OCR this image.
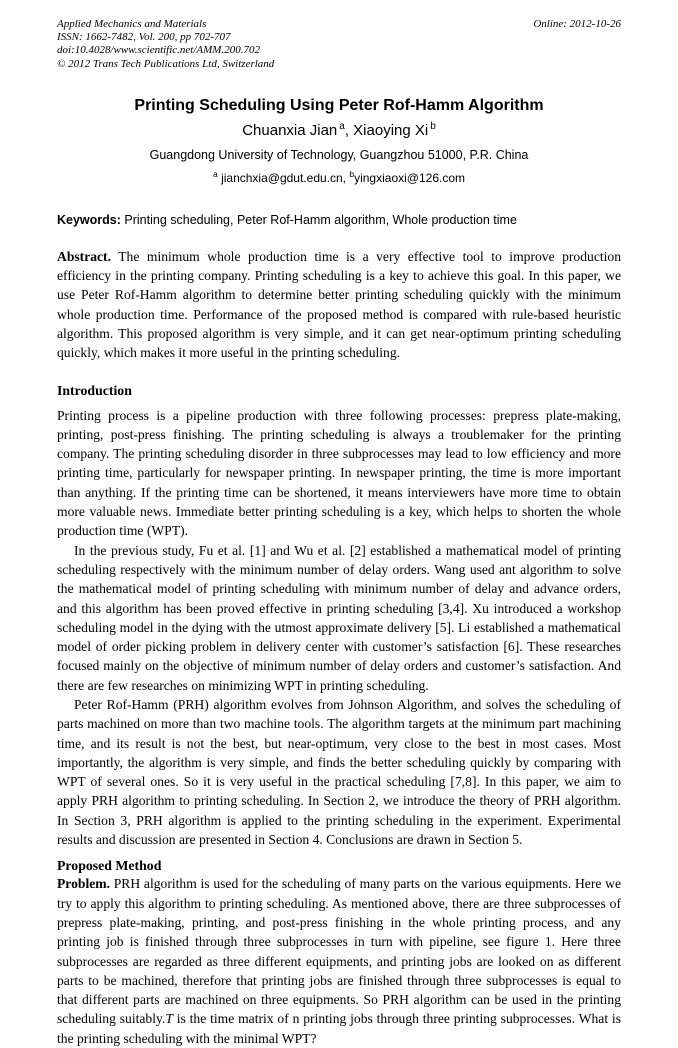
Applied Mechanics and Materials
ISSN: 1662-7482, Vol. 200, pp 702-707
doi:10.4028/www.scientific.net/AMM.200.702
© 2012 Trans Tech Publications Ltd, Switzerland
Online: 2012-10-26
Printing Scheduling Using Peter Rof-Hamm Algorithm
Chuanxia Jian $^a$, Xiaoying Xi $^b$
Guangdong University of Technology, Guangzhou 51000, P.R. China
$^a$ jianchxia@gdut.edu.cn, $^b$yingxiaoxi@126.com
Keywords: Printing scheduling, Peter Rof-Hamm algorithm, Whole production time

Abstract. The minimum whole production time is a very effective tool to improve production efficiency in the printing company. Printing scheduling is a key to achieve this goal. In this paper, we use Peter Rof-Hamm algorithm to determine better printing scheduling quickly with the minimum whole production time. Performance of the proposed method is compared with rule-based heuristic algorithm. This proposed algorithm is very simple, and it can get near-optimum printing scheduling quickly, which makes it more useful in the printing scheduling.

Introduction

Printing process is a pipeline production with three following processes: prepress plate-making, printing, post-press finishing. The printing scheduling is always a troublemaker for the printing company. The printing scheduling disorder in three subprocesses may lead to low efficiency and more printing time, particularly for newspaper printing. In newspaper printing, the time is more important than anything. If the printing time can be shortened, it means interviewers have more time to obtain more valuable news. Immediate better printing scheduling is a key, which helps to shorten the whole production time (WPT).

In the previous study, Fu et al. [1] and Wu et al. [2] established a mathematical model of printing scheduling respectively with the minimum number of delay orders. Wang used ant algorithm to solve the mathematical model of printing scheduling with minimum number of delay and advance orders, and this algorithm has been proved effective in printing scheduling [3,4]. Xu introduced a workshop scheduling model in the dying with the utmost approximate delivery [5]. Li established a mathematical model of order picking problem in delivery center with customer’s satisfaction [6]. These researches focused mainly on the objective of minimum number of delay orders and customer’s satisfaction. And there are few researches on minimizing WPT in printing scheduling.

Peter Rof-Hamm (PRH) algorithm evolves from Johnson Algorithm, and solves the scheduling of parts machined on more than two machine tools. The algorithm targets at the minimum part machining time, and its result is not the best, but near-optimum, very close to the best in most cases. Most importantly, the algorithm is very simple, and finds the better scheduling quickly by comparing with WPT of several ones. So it is very useful in the practical scheduling [7,8]. In this paper, we aim to apply PRH algorithm to printing scheduling. In Section 2, we introduce the theory of PRH algorithm. In Section 3, PRH algorithm is applied to the printing scheduling in the experiment. Experimental results and discussion are presented in Section 4. Conclusions are drawn in Section 5.

Proposed Method

Problem. PRH algorithm is used for the scheduling of many parts on the various equipments. Here we try to apply this algorithm to printing scheduling. As mentioned above, there are three subprocesses of prepress plate-making, printing, and post-press finishing in the whole printing process, and any printing job is finished through three subprocesses in turn with pipeline, see figure 1. Here three subprocesses are regarded as three different equipments, and printing jobs are looked on as different parts to be machined, therefore that printing jobs are finished through three subprocesses is equal to that different parts are machined on three equipments. So PRH algorithm can be used in the printing scheduling suitably.T is the time matrix of n printing jobs through three printing subprocesses. What is the printing scheduling with the minimal WPT?
